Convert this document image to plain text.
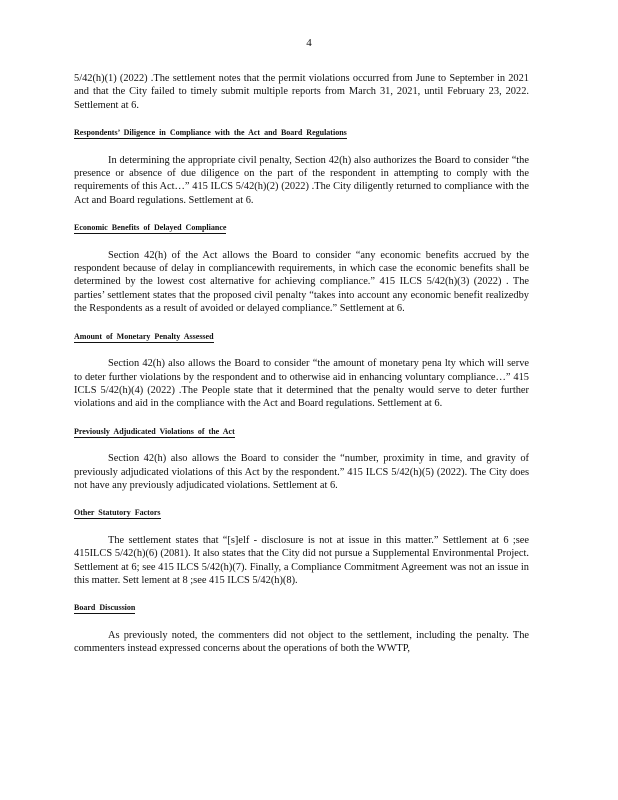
4

5/42(h)(1) (2022) .The settlement notes that the permit violations occurred from June to September in 2021 and that the City failed to timely submit multiple reports from March 31, 2021, until February 23, 2022. Settlement at 6.

Respondents’ Diligence in Compliance with the Act and Board Regulations

In determining the appropriate civil penalty, Section 42(h) also authorizes the Board to consider “the presence or absence of due diligence on the part of the respondent in attempting to comply with the requirements of this Act…” 415 ILCS 5/42(h)(2) (2022) .The City diligently returned to compliance with the Act and Board regulations. Settlement at 6.

Economic Benefits of Delayed Compliance

Section 42(h) of the Act allows the Board to consider “any economic benefits accrued by the respondent because of delay in compliancewith requirements, in which case the economic benefits shall be determined by the lowest cost alternative for achieving compliance.” 415 ILCS 5/42(h)(3) (2022) . The parties’ settlement states that the proposed civil penalty “takes into account any economic benefit realizedby the Respondents as a result of avoided or delayed compliance.” Settlement at 6.

Amount of Monetary Penalty Assessed

Section 42(h) also allows the Board to consider “the amount of monetary pena lty which will serve to deter further violations by the respondent and to otherwise aid in enhancing voluntary compliance…” 415 ICLS 5/42(h)(4) (2022) .The People state that it determined that the penalty would serve to deter further violations and aid in the compliance with the Act and Board regulations. Settlement at 6.

Previously Adjudicated Violations of the Act

Section 42(h) also allows the Board to consider the “number, proximity in time, and gravity of previously adjudicated violations of this Act by the respondent.” 415 ILCS 5/42(h)(5) (2022). The City does not have any previously adjudicated violations. Settlement at 6.

Other Statutory Factors

The settlement states that “[s]elf - disclosure is not at issue in this matter.” Settlement at 6 ;see 415ILCS 5/42(h)(6) (2081). It also states that the City did not pursue a Supplemental Environmental Project. Settlement at 6; see 415 ILCS 5/42(h)(7). Finally, a Compliance Commitment Agreement was not an issue in this matter. Sett lement at 8 ;see 415 ILCS 5/42(h)(8).

Board Discussion

As previously noted, the commenters did not object to the settlement, including the penalty. The commenters instead expressed concerns about the operations of both the WWTP,
